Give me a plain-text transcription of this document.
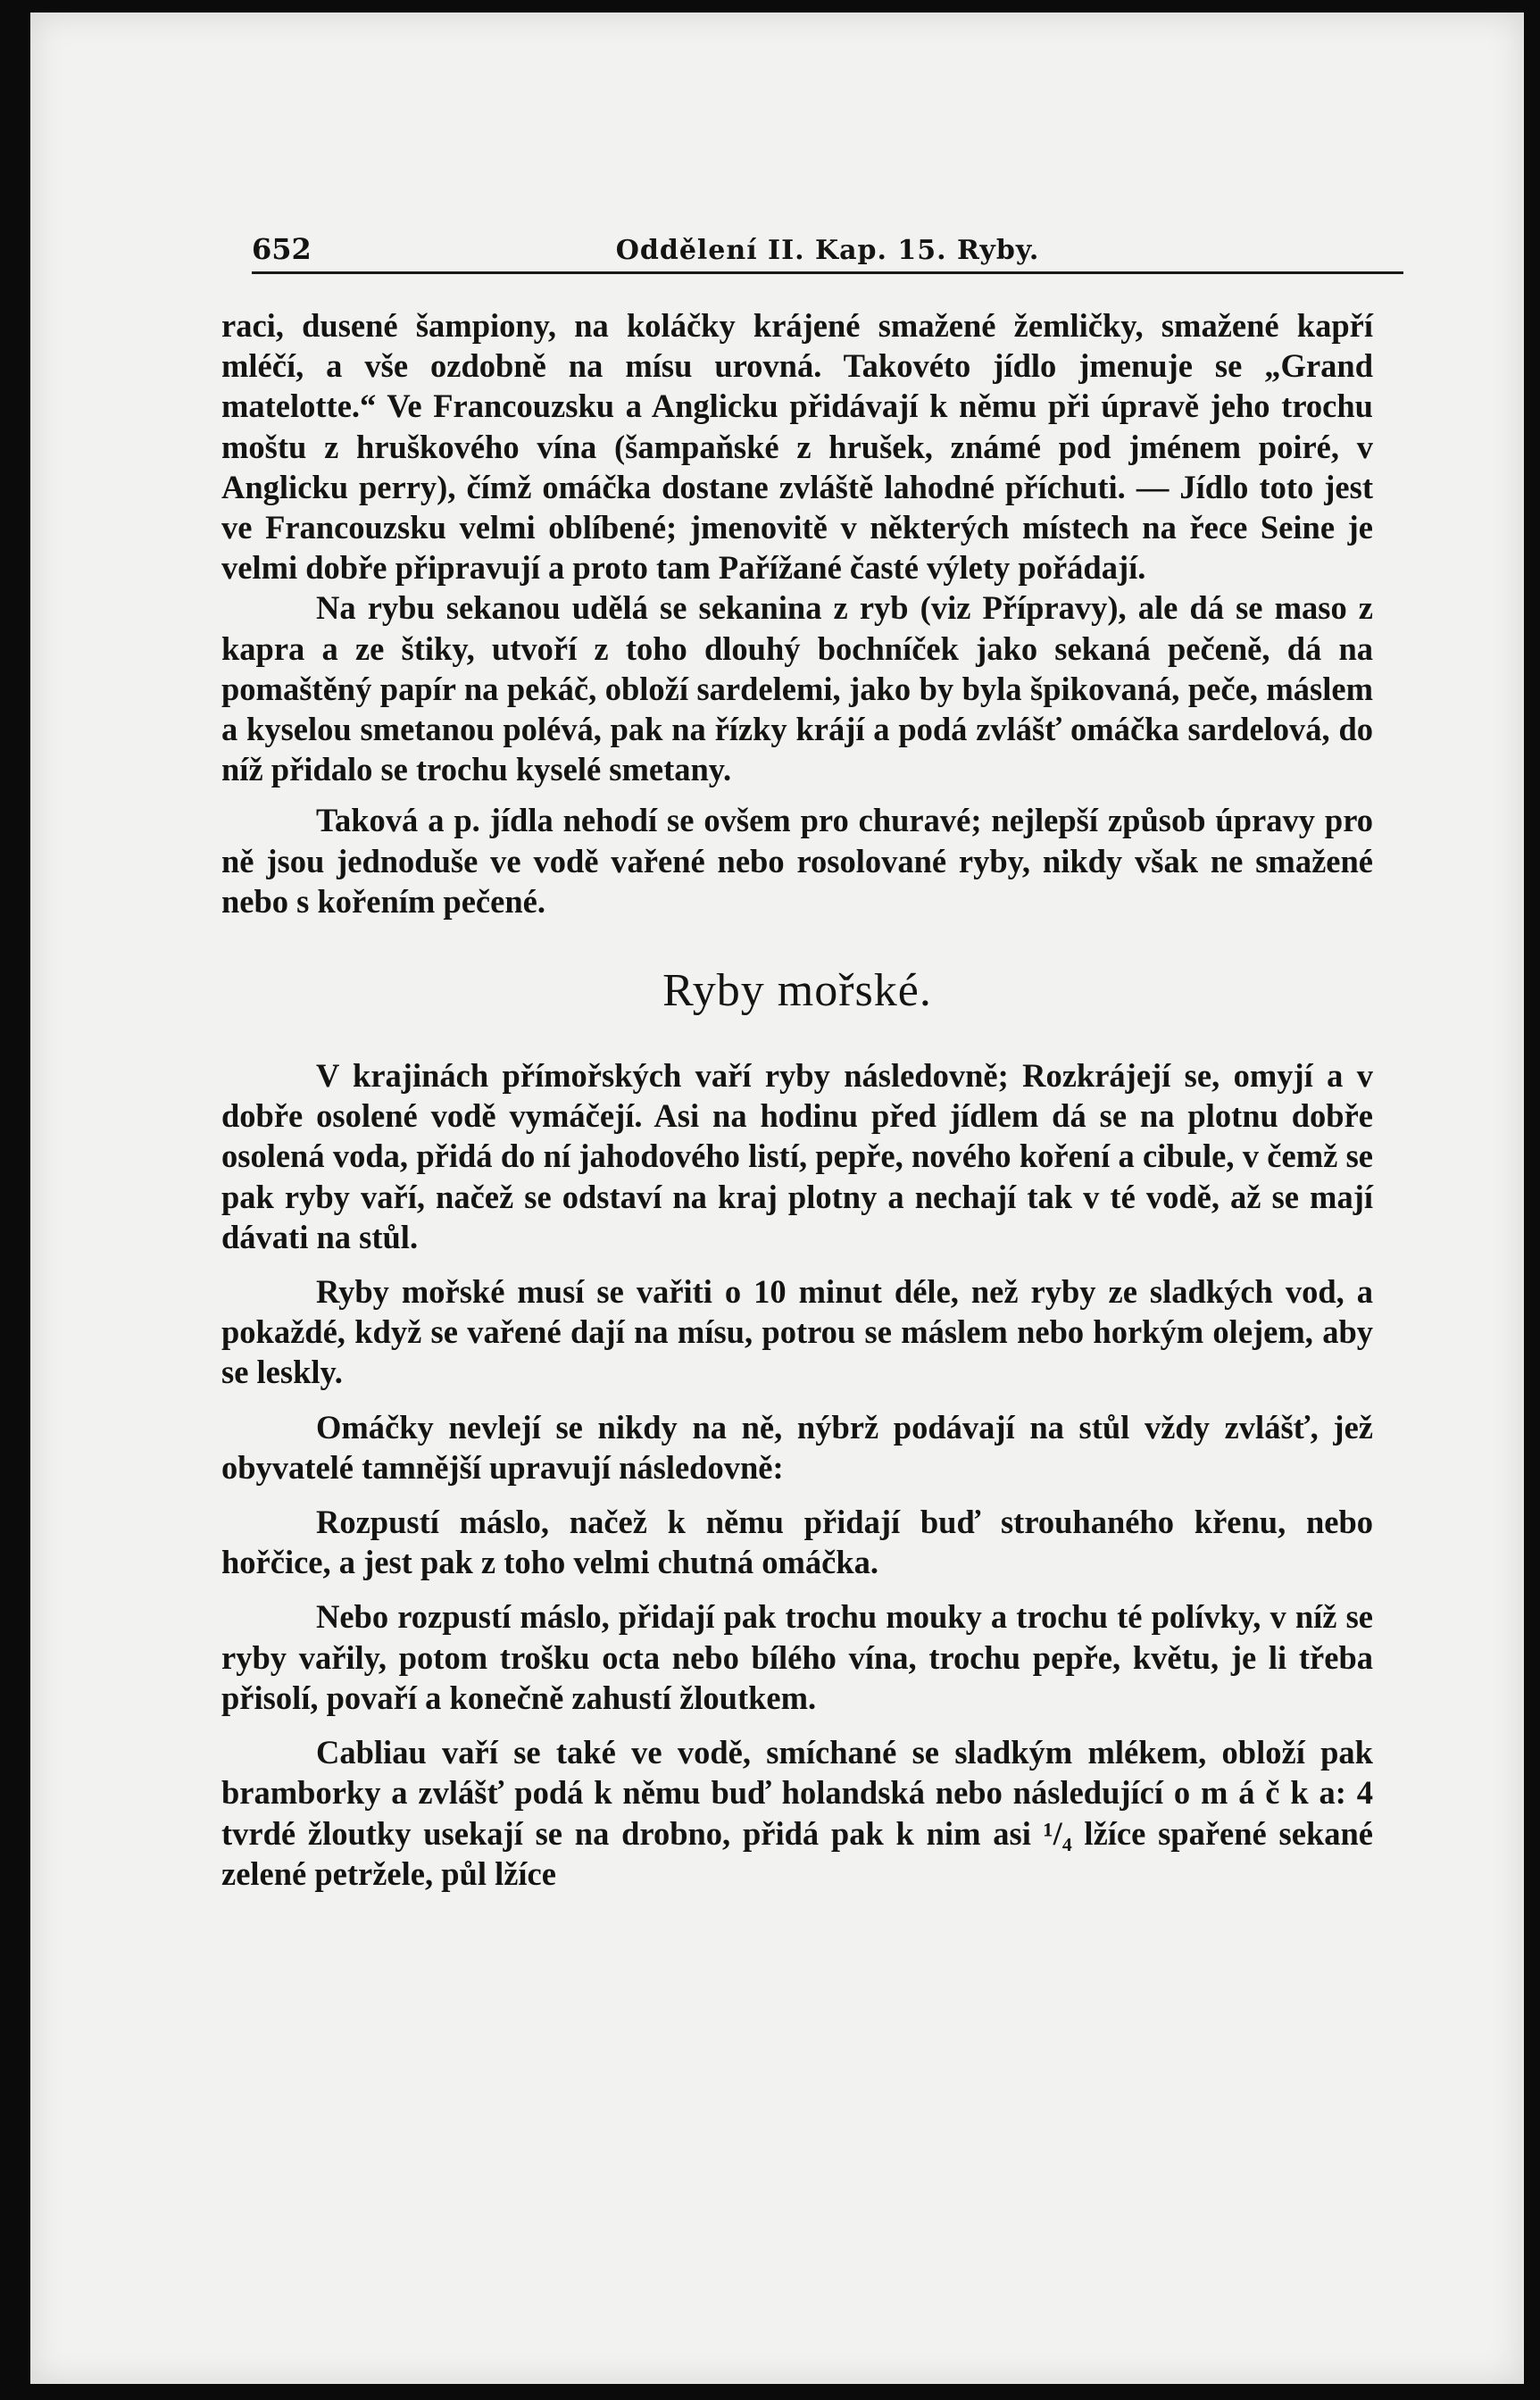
652	Oddělení II. Kap. 15. Ryby.

raci, dusené šampiony, na koláčky krájené smažené žemličky, smažené kapří mléčí, a vše ozdobně na mísu urovná. Takovéto jídlo jmenuje se „Grand matelotte.“ Ve Francouzsku a Anglicku přidávají k němu při úpravě jeho trochu moštu z hruškového vína (šampaňské z hrušek, známé pod jménem poiré, v Anglicku perry), čímž omáčka dostane zvláště lahodné příchuti. — Jídlo toto jest ve Francouzsku velmi oblíbené; jmenovitě v některých místech na řece Seine je velmi dobře připravují a proto tam Pařížané časté výlety pořádají.

Na rybu sekanou udělá se sekanina z ryb (viz Přípravy), ale dá se maso z kapra a ze štiky, utvoří z toho dlouhý bochníček jako sekaná pečeně, dá na pomaštěný papír na pekáč, obloží sardelemi, jako by byla špikovaná, peče, máslem a kyselou smetanou polévá, pak na řízky krájí a podá zvlášť omáčka sardelová, do níž přidalo se trochu kyselé smetany.

Taková a p. jídla nehodí se ovšem pro churavé; nejlepší způsob úpravy pro ně jsou jednoduše ve vodě vařené nebo rosolované ryby, nikdy však ne smažené nebo s kořením pečené.

Ryby mořské.

V krajinách přímořských vaří ryby následovně; Rozkrájejí se, omyjí a v dobře osolené vodě vymáčejí. Asi na hodinu před jídlem dá se na plotnu dobře osolená voda, přidá do ní jahodového listí, pepře, nového koření a cibule, v čemž se pak ryby vaří, načež se odstaví na kraj plotny a nechají tak v té vodě, až se mají dávati na stůl.

Ryby mořské musí se vařiti o 10 minut déle, než ryby ze sladkých vod, a pokaždé, když se vařené dají na mísu, potrou se máslem nebo horkým olejem, aby se leskly.

Omáčky nevlejí se nikdy na ně, nýbrž podávají na stůl vždy zvlášť, jež obyvatelé tamnější upravují následovně:

Rozpustí máslo, načež k němu přidají buď strouhaného křenu, nebo hořčice, a jest pak z toho velmi chutná omáčka.

Nebo rozpustí máslo, přidají pak trochu mouky a trochu té polívky, v níž se ryby vařily, potom trošku octa nebo bílého vína, trochu pepře, květu, je li třeba přisolí, povaří a konečně zahustí žloutkem.

Cabliau vaří se také ve vodě, smíchané se sladkým mlékem, obloží pak bramborky a zvlášť podá k němu buď holandská nebo následující o m á č k a: 4 tvrdé žloutky usekají se na drobno, přidá pak k nim asi ¹/₄ lžíce spařené sekané zelené petržele, půl lžíce
